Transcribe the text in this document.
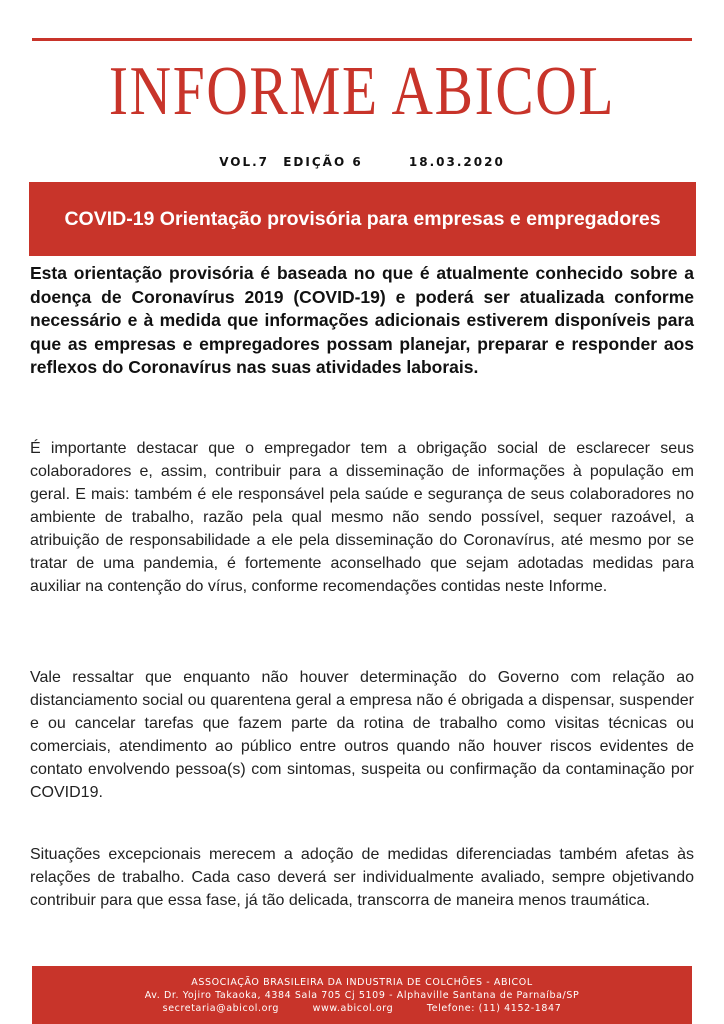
INFORME ABICOL
VOL.7 EDIÇÃO 6	18.03.2020
COVID-19 Orientação provisória para empresas e empregadores
Esta orientação provisória é baseada no que é atualmente conhecido sobre a doença de Coronavírus 2019 (COVID-19) e poderá ser atualizada conforme necessário e à medida que informações adicionais estiverem disponíveis para que as empresas e empregadores possam planejar, preparar e responder aos reflexos do Coronavírus nas suas atividades laborais.
É importante destacar que o empregador tem a obrigação social de esclarecer seus colaboradores e, assim, contribuir para a disseminação de informações à população em geral. E mais: também é ele responsável pela saúde e segurança de seus colaboradores no ambiente de trabalho, razão pela qual mesmo não sendo possível, sequer razoável, a atribuição de responsabilidade a ele pela disseminação do Coronavírus, até mesmo por se tratar de uma pandemia, é fortemente aconselhado que sejam adotadas medidas para auxiliar na contenção do vírus, conforme recomendações contidas neste Informe.
Vale ressaltar que enquanto não houver determinação do Governo com relação ao distanciamento social ou quarentena geral a empresa não é obrigada a dispensar, suspender e ou cancelar tarefas que fazem parte da rotina de trabalho como visitas técnicas ou comerciais, atendimento ao público entre outros quando não houver riscos evidentes de contato envolvendo pessoa(s) com sintomas, suspeita ou confirmação da contaminação por COVID19.
Situações excepcionais merecem a adoção de medidas diferenciadas também afetas às relações de trabalho. Cada caso deverá ser individualmente avaliado, sempre objetivando contribuir para que essa fase, já tão delicada, transcorra de maneira menos traumática.
ASSOCIAÇÃO BRASILEIRA DA INDUSTRIA DE COLCHÕES - ABICOL
Av. Dr. Yojiro Takaoka, 4384 Sala 705 Cj 5109 - Alphaville Santana de Parnaíba/SP
secretaria@abicol.org	www.abicol.org	Telefone: (11) 4152-1847
